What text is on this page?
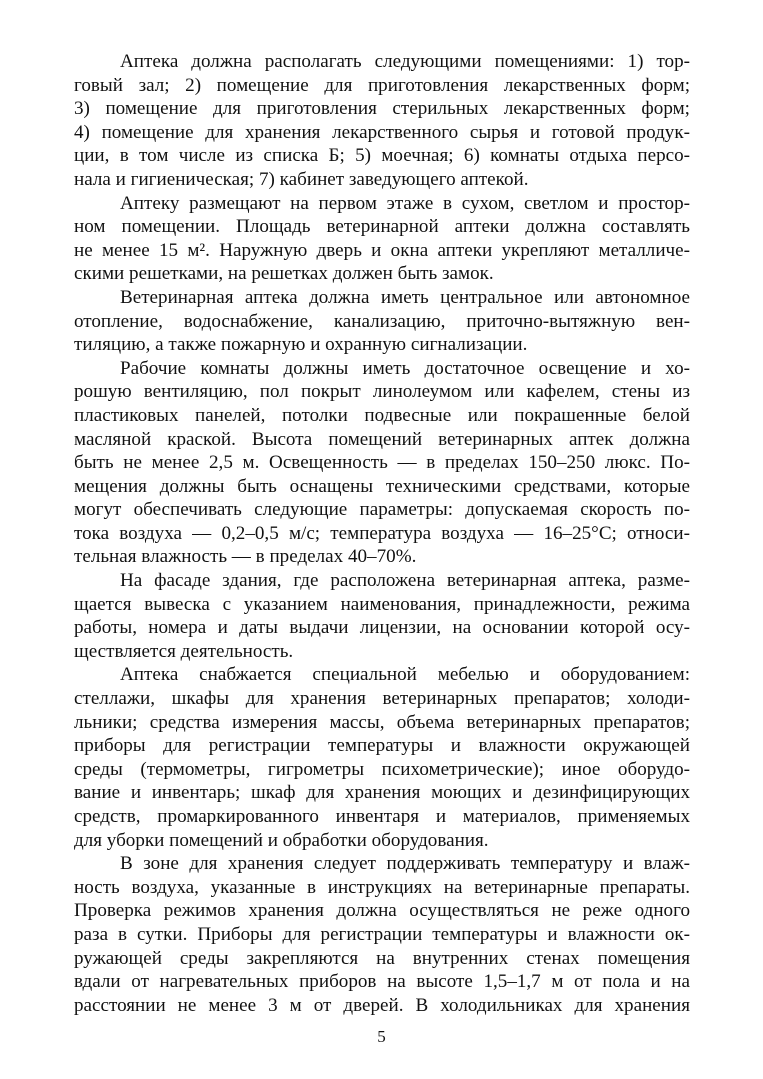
Аптека должна располагать следующими помещениями: 1) тор-
говый зал; 2) помещение для приготовления лекарственных форм;
3) помещение для приготовления стерильных лекарственных форм;
4) помещение для хранения лекарственного сырья и готовой продук-
ции, в том числе из списка Б; 5) моечная; 6) комнаты отдыха персо-
нала и гигиеническая; 7) кабинет заведующего аптекой.
Аптеку размещают на первом этаже в сухом, светлом и простор-
ном помещении. Площадь ветеринарной аптеки должна составлять
не менее 15 м². Наружную дверь и окна аптеки укрепляют металличе-
скими решетками, на решетках должен быть замок.
Ветеринарная аптека должна иметь центральное или автономное
отопление, водоснабжение, канализацию, приточно-вытяжную вен-
тиляцию, а также пожарную и охранную сигнализации.
Рабочие комнаты должны иметь достаточное освещение и хо-
рошую вентиляцию, пол покрыт линолеумом или кафелем, стены из
пластиковых панелей, потолки подвесные или покрашенные белой
масляной краской. Высота помещений ветеринарных аптек должна
быть не менее 2,5 м. Освещенность — в пределах 150–250 люкс. По-
мещения должны быть оснащены техническими средствами, которые
могут обеспечивать следующие параметры: допускаемая скорость по-
тока воздуха — 0,2–0,5 м/с; температура воздуха — 16–25°С; относи-
тельная влажность — в пределах 40–70%.
На фасаде здания, где расположена ветеринарная аптека, разме-
щается вывеска с указанием наименования, принадлежности, режима
работы, номера и даты выдачи лицензии, на основании которой осу-
ществляется деятельность.
Аптека снабжается специальной мебелью и оборудованием:
стеллажи, шкафы для хранения ветеринарных препаратов; холоди-
льники; средства измерения массы, объема ветеринарных препаратов;
приборы для регистрации температуры и влажности окружающей
среды (термометры, гигрометры психометрические); иное оборудо-
вание и инвентарь; шкаф для хранения моющих и дезинфицирующих
средств, промаркированного инвентаря и материалов, применяемых
для уборки помещений и обработки оборудования.
В зоне для хранения следует поддерживать температуру и влаж-
ность воздуха, указанные в инструкциях на ветеринарные препараты.
Проверка режимов хранения должна осуществляться не реже одного
раза в сутки. Приборы для регистрации температуры и влажности ок-
ружающей среды закрепляются на внутренних стенах помещения
вдали от нагревательных приборов на высоте 1,5–1,7 м от пола и на
расстоянии не менее 3 м от дверей. В холодильниках для хранения
5
